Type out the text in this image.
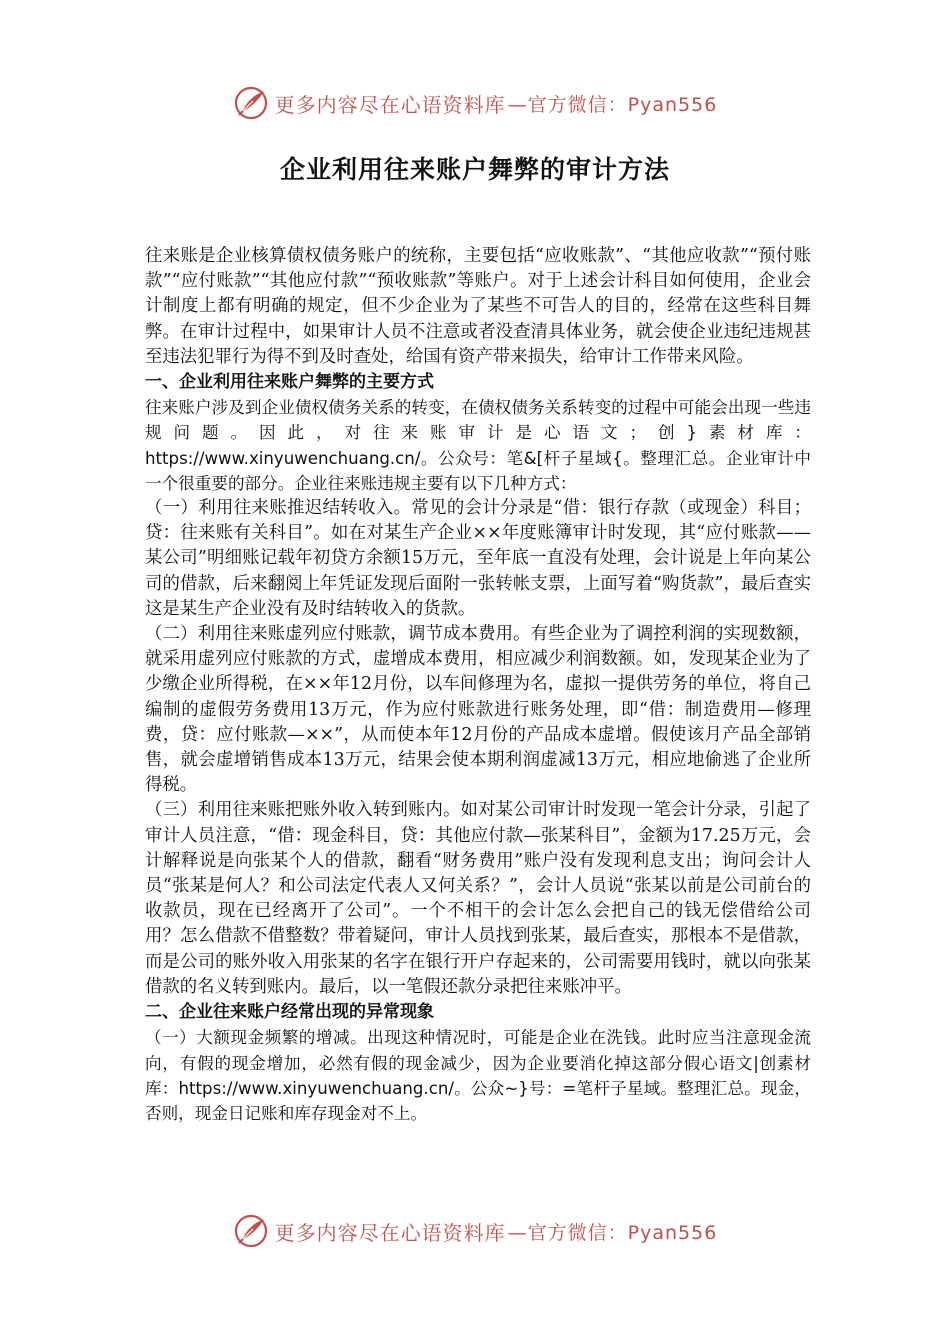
更多内容尽在心语资料库 —官方微信：Pyan556
企业利用往来账户舞弊的审计方法

往来账是企业核算债权债务账户的统称，主要包括“应收账款”、“其他应收款”“预付账款”“应付账款”“其他应付款”“预收账款”等账户。对于上述会计科目如何使用，企业会计制度上都有明确的规定，但不少企业为了某些不可告人的目的，经常在这些科目舞弊。在审计过程中，如果审计人员不注意或者没查清具体业务，就会使企业违纪违规甚至违法犯罪行为得不到及时查处，给国有资产带来损失，给审计工作带来风险。

一、企业利用往来账户舞弊的主要方式

往来账户涉及到企业债权债务关系的转变，在债权债务关系转变的过程中可能会出现一些违规问题。因此，对往来账审计是心语文；创}素材库：https://www.xinyuwenchuang.cn/。公众号：笔&[杆子星域{。整理汇总。企业审计中一个很重要的部分。企业往来账违规主要有以下几种方式：

（一）利用往来账推迟结转收入。常见的会计分录是“借：银行存款（或现金）科目；贷：往来账有关科目”。如在对某生产企业××年度账簿审计时发现，其“应付账款——某公司”明细账记载年初贷方余额15万元，至年底一直没有处理，会计说是上年向某公司的借款，后来翻阅上年凭证发现后面附一张转帐支票，上面写着“购货款”，最后查实这是某生产企业没有及时结转收入的货款。

（二）利用往来账虚列应付账款，调节成本费用。有些企业为了调控利润的实现数额，就采用虚列应付账款的方式，虚增成本费用，相应减少利润数额。如，发现某企业为了少缴企业所得税，在××年12月份，以车间修理为名，虚拟一提供劳务的单位，将自己编制的虚假劳务费用13万元，作为应付账款进行账务处理，即“借：制造费用—修理费，贷：应付账款—××”，从而使本年12月份的产品成本虚增。假使该月产品全部销售，就会虚增销售成本13万元，结果会使本期利润虚减13万元，相应地偷逃了企业所得税。

（三）利用往来账把账外收入转到账内。如对某公司审计时发现一笔会计分录，引起了审计人员注意，“借：现金科目，贷：其他应付款—张某科目”，金额为17.25万元，会计解释说是向张某个人的借款，翻看“财务费用”账户没有发现利息支出；询问会计人员“张某是何人？和公司法定代表人又何关系？”，会计人员说“张某以前是公司前台的收款员，现在已经离开了公司”。一个不相干的会计怎么会把自己的钱无偿借给公司用？怎么借款不借整数？带着疑问，审计人员找到张某，最后查实，那根本不是借款，而是公司的账外收入用张某的名字在银行开户存起来的，公司需要用钱时，就以向张某借款的名义转到账内。最后，以一笔假还款分录把往来账冲平。

二、企业往来账户经常出现的异常现象

（一）大额现金频繁的增减。出现这种情况时，可能是企业在洗钱。此时应当注意现金流向，有假的现金增加，必然有假的现金减少，因为企业要消化掉这部分假心语文|创素材库：https://www.xinyuwenchuang.cn/。公众~}号：=笔杆子星域。整理汇总。现金，否则，现金日记账和库存现金对不上。

更多内容尽在心语资料库 —官方微信：Pyan556
